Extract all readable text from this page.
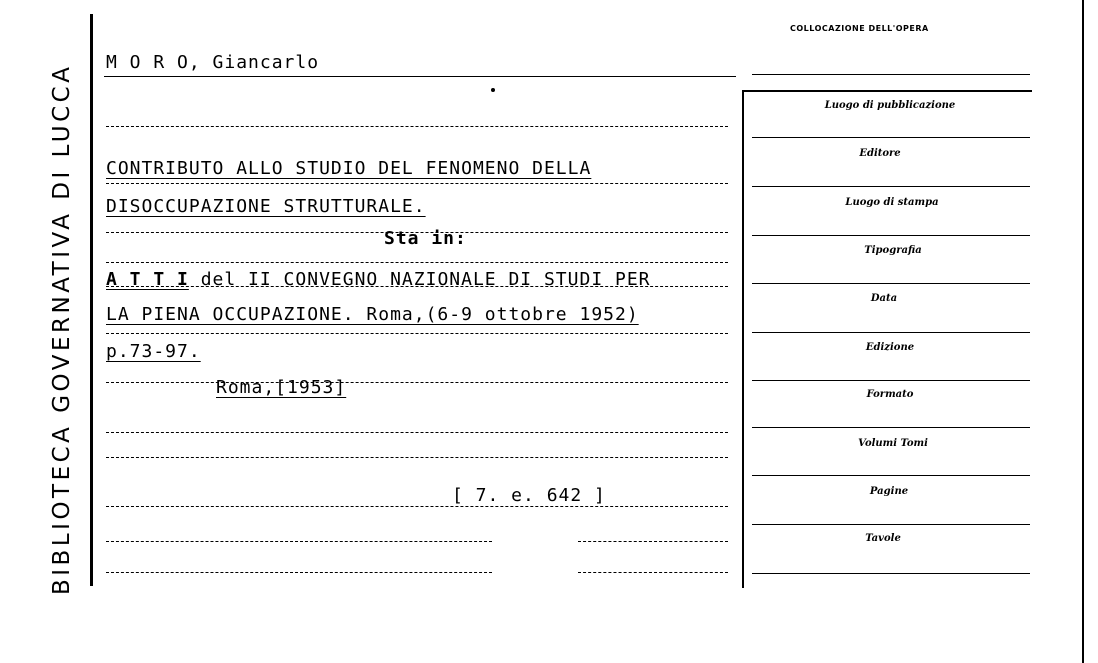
BIBLIOTECA GOVERNATIVA DI LUCCA
COLLOCAZIONE DELL'OPERA
M O R O, Giancarlo
CONTRIBUTO ALLO STUDIO DEL FENOMENO DELLA
DISOCCUPAZIONE STRUTTURALE.
Sta in:
A T T I del II CONVEGNO NAZIONALE DI STUDI PER
LA PIENA OCCUPAZIONE. Roma,(6-9 ottobre 1952)
p.73-97.
Roma,[1953]
[ 7. e. 642 ]
Luogo di pubblicazione
Editore
Luogo di stampa
Tipografia
Data
Edizione
Formato
Volumi Tomi
Pagine
Tavole
